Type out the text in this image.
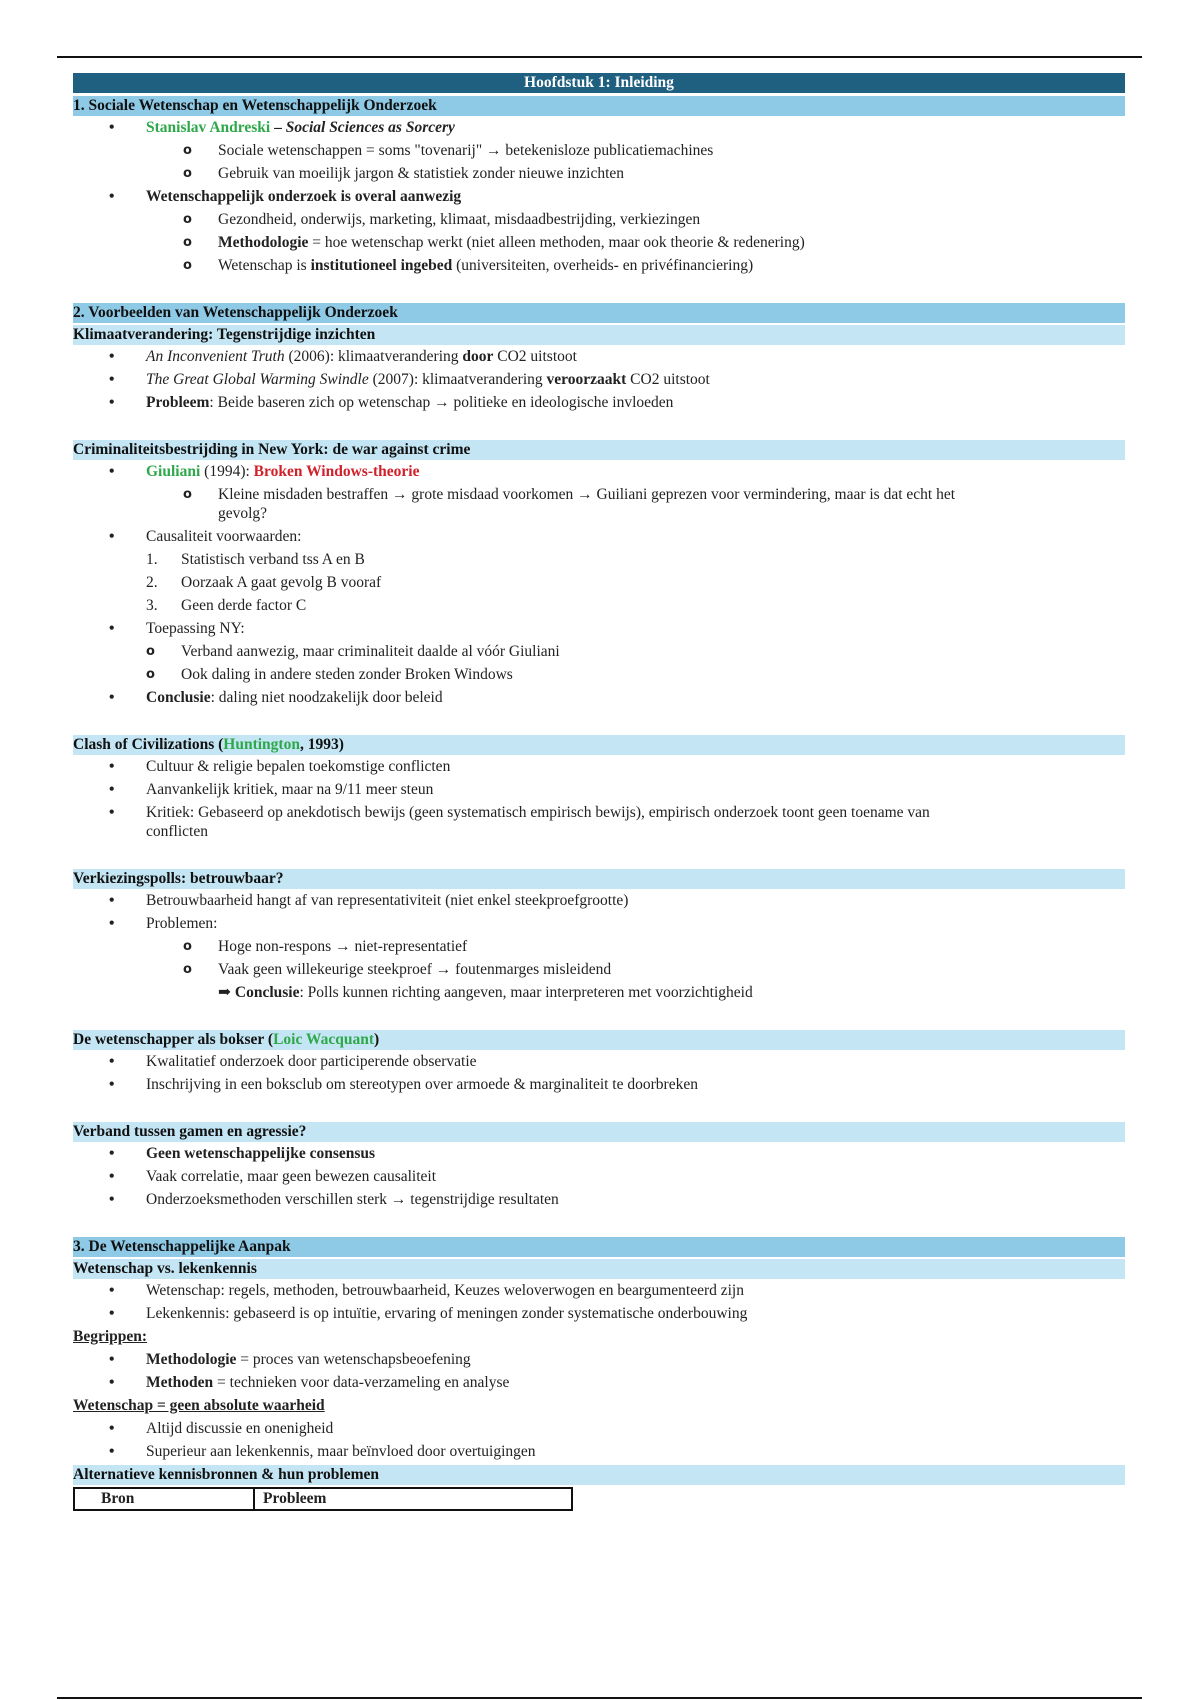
Hoofdstuk 1: Inleiding
1. Sociale Wetenschap en Wetenschappelijk Onderzoek
• Stanislav Andreski – Social Sciences as Sorcery
o Sociale wetenschappen = soms "tovenarij" → betekenisloze publicatiemachines
o Gebruik van moeilijk jargon & statistiek zonder nieuwe inzichten
• Wetenschappelijk onderzoek is overal aanwezig
o Gezondheid, onderwijs, marketing, klimaat, misdaadbestrijding, verkiezingen
o Methodologie = hoe wetenschap werkt (niet alleen methoden, maar ook theorie & redenering)
o Wetenschap is institutioneel ingebed (universiteiten, overheids- en privéfinanciering)
2. Voorbeelden van Wetenschappelijk Onderzoek
Klimaatverandering: Tegenstrijdige inzichten
• An Inconvenient Truth (2006): klimaatverandering door CO2 uitstoot
• The Great Global Warming Swindle (2007): klimaatverandering veroorzaakt CO2 uitstoot
• Probleem: Beide baseren zich op wetenschap → politieke en ideologische invloeden
Criminaliteitsbestrijding in New York: de war against crime
• Giuliani (1994): Broken Windows-theorie
o Kleine misdaden bestraffen → grote misdaad voorkomen → Guiliani geprezen voor vermindering, maar is dat echt het
gevolg?
• Causaliteit voorwaarden:
1. Statistisch verband tss A en B
2. Oorzaak A gaat gevolg B vooraf
3. Geen derde factor C
• Toepassing NY:
o Verband aanwezig, maar criminaliteit daalde al vóór Giuliani
o Ook daling in andere steden zonder Broken Windows
• Conclusie: daling niet noodzakelijk door beleid
Clash of Civilizations (Huntington, 1993)
• Cultuur & religie bepalen toekomstige conflicten
• Aanvankelijk kritiek, maar na 9/11 meer steun
• Kritiek: Gebaseerd op anekdotisch bewijs (geen systematisch empirisch bewijs), empirisch onderzoek toont geen toename van
conflicten
Verkiezingspolls: betrouwbaar?
• Betrouwbaarheid hangt af van representativiteit (niet enkel steekproefgrootte)
• Problemen:
o Hoge non-respons → niet-representatief
o Vaak geen willekeurige steekproef → foutenmarges misleidend
➡ Conclusie: Polls kunnen richting aangeven, maar interpreteren met voorzichtigheid
De wetenschapper als bokser (Loic Wacquant)
• Kwalitatief onderzoek door participerende observatie
• Inschrijving in een boksclub om stereotypen over armoede & marginaliteit te doorbreken
Verband tussen gamen en agressie?
• Geen wetenschappelijke consensus
• Vaak correlatie, maar geen bewezen causaliteit
• Onderzoeksmethoden verschillen sterk → tegenstrijdige resultaten
3. De Wetenschappelijke Aanpak
Wetenschap vs. lekenkennis
• Wetenschap: regels, methoden, betrouwbaarheid, Keuzes weloverwogen en beargumenteerd zijn
• Lekenkennis: gebaseerd is op intuïtie, ervaring of meningen zonder systematische onderbouwing
Begrippen:
• Methodologie = proces van wetenschapsbeoefening
• Methoden = technieken voor data-verzameling en analyse
Wetenschap = geen absolute waarheid
• Altijd discussie en onenigheid
• Superieur aan lekenkennis, maar beïnvloed door overtuigingen
Alternatieve kennisbronnen & hun problemen
Bron	Probleem
